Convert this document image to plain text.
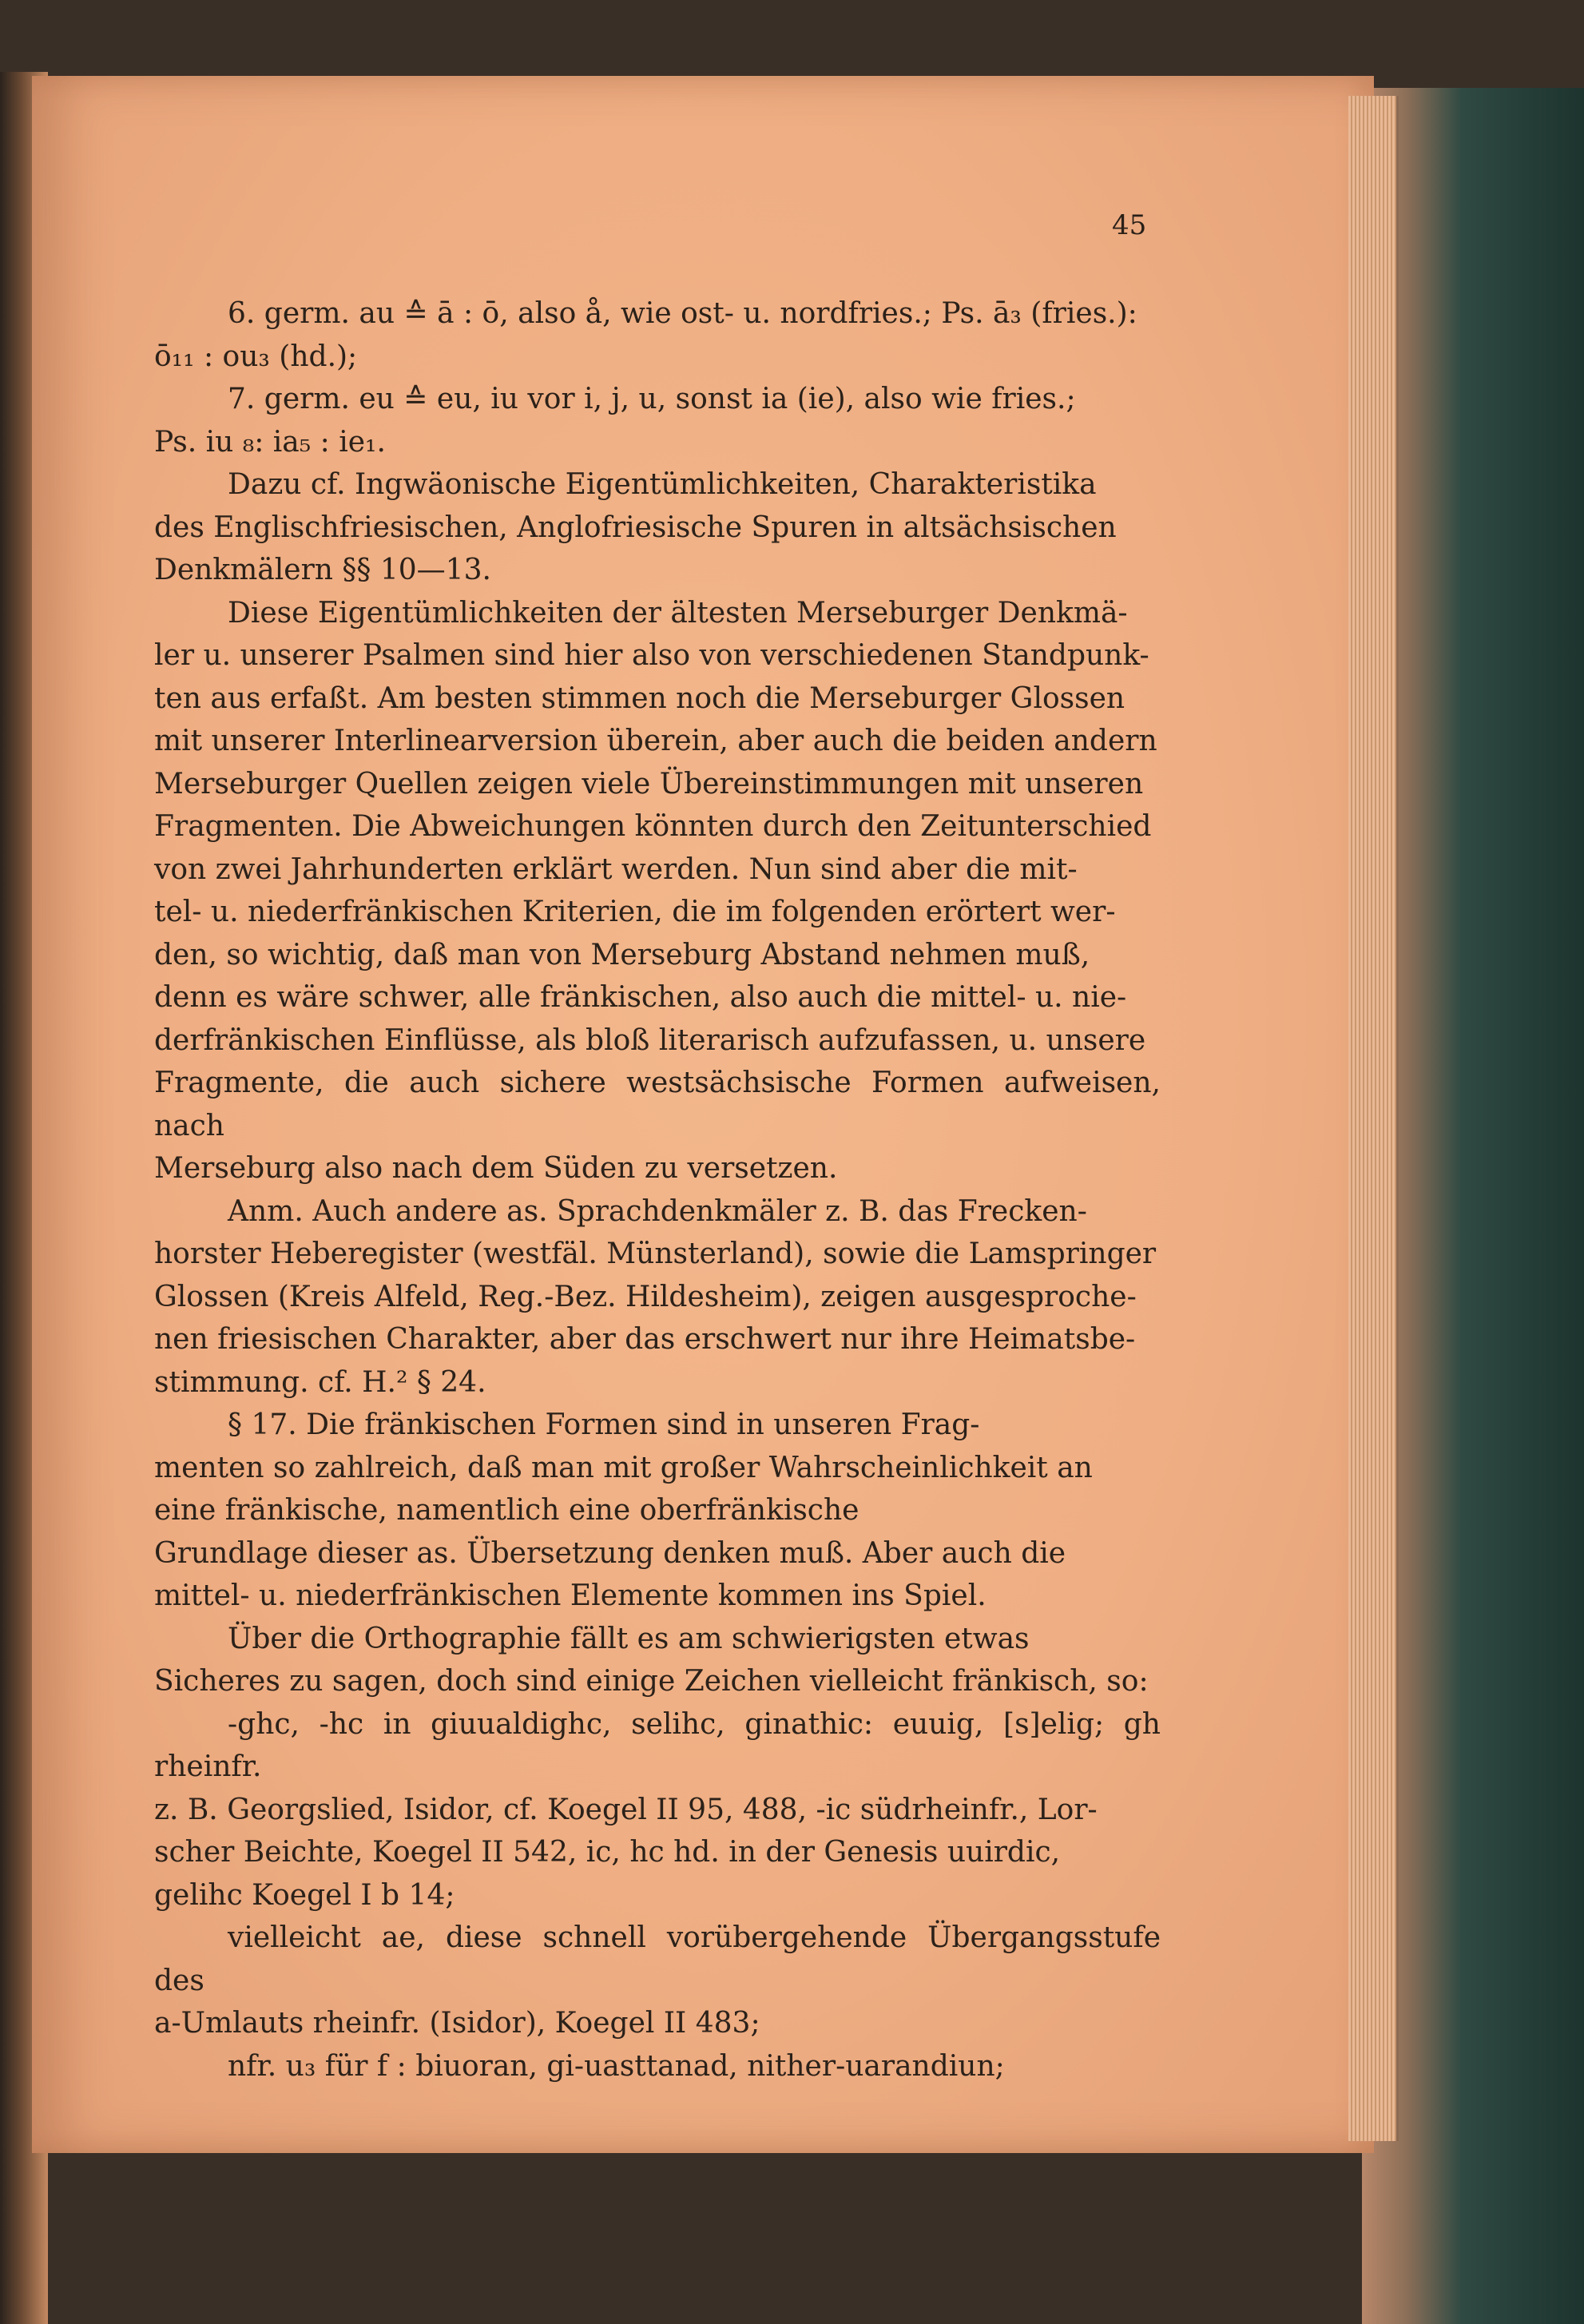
45

6. germ. au ≙ ā : ō, also å, wie ost- u. nordfries.; Ps. ā₃ (fries.):

ō₁₁ : ou₃ (hd.);

7. germ. eu ≙ eu, iu vor i, j, u, sonst ia (ie), also wie fries.;

Ps. iu ₈: ia₅ : ie₁.

Dazu cf. Ingwäonische Eigentümlichkeiten, Charakteristika

des Englischfriesischen, Anglofriesische Spuren in altsächsischen

Denkmälern §§ 10—13.

Diese Eigentümlichkeiten der ältesten Merseburger Denkmä-

ler u. unserer Psalmen sind hier also von verschiedenen Standpunk-

ten aus erfaßt. Am besten stimmen noch die Merseburger Glossen

mit unserer Interlinearversion überein, aber auch die beiden andern

Merseburger Quellen zeigen viele Übereinstimmungen mit unseren

Fragmenten. Die Abweichungen könnten durch den Zeitunterschied

von zwei Jahrhunderten erklärt werden. Nun sind aber die mit-

tel- u. niederfränkischen Kriterien, die im folgenden erörtert wer-

den, so wichtig, daß man von Merseburg Abstand nehmen muß,

denn es wäre schwer, alle fränkischen, also auch die mittel- u. nie-

derfränkischen Einflüsse, als bloß literarisch aufzufassen, u. unsere

Fragmente, die auch sichere westsächsische Formen aufweisen, nach

Merseburg also nach dem Süden zu versetzen.

Anm. Auch andere as. Sprachdenkmäler z. B. das Frecken-

horster Heberegister (westfäl. Münsterland), sowie die Lamspringer

Glossen (Kreis Alfeld, Reg.-Bez. Hildesheim), zeigen ausgesproche-

nen friesischen Charakter, aber das erschwert nur ihre Heimatsbe-

stimmung. cf. H.² § 24.

§ 17. Die fränkischen Formen sind in unseren Frag-

menten so zahlreich, daß man mit großer Wahrscheinlichkeit an

eine fränkische, namentlich eine oberfränkische

Grundlage dieser as. Übersetzung denken muß. Aber auch die

mittel- u. niederfränkischen Elemente kommen ins Spiel.

Über die Orthographie fällt es am schwierigsten etwas

Sicheres zu sagen, doch sind einige Zeichen vielleicht fränkisch, so:

-ghc, -hc in giuualdighc, selihc, ginathic: euuig, [s]elig; gh rheinfr.

z. B. Georgslied, Isidor, cf. Koegel II 95, 488, -ic südrheinfr., Lor-

scher Beichte, Koegel II 542, ic, hc hd. in der Genesis uuirdic,

gelihc Koegel I b 14;

vielleicht ae, diese schnell vorübergehende Übergangsstufe des

a-Umlauts rheinfr. (Isidor), Koegel II 483;

nfr. u₃ für f : biuoran, gi-uasttanad, nither-uarandiun;
